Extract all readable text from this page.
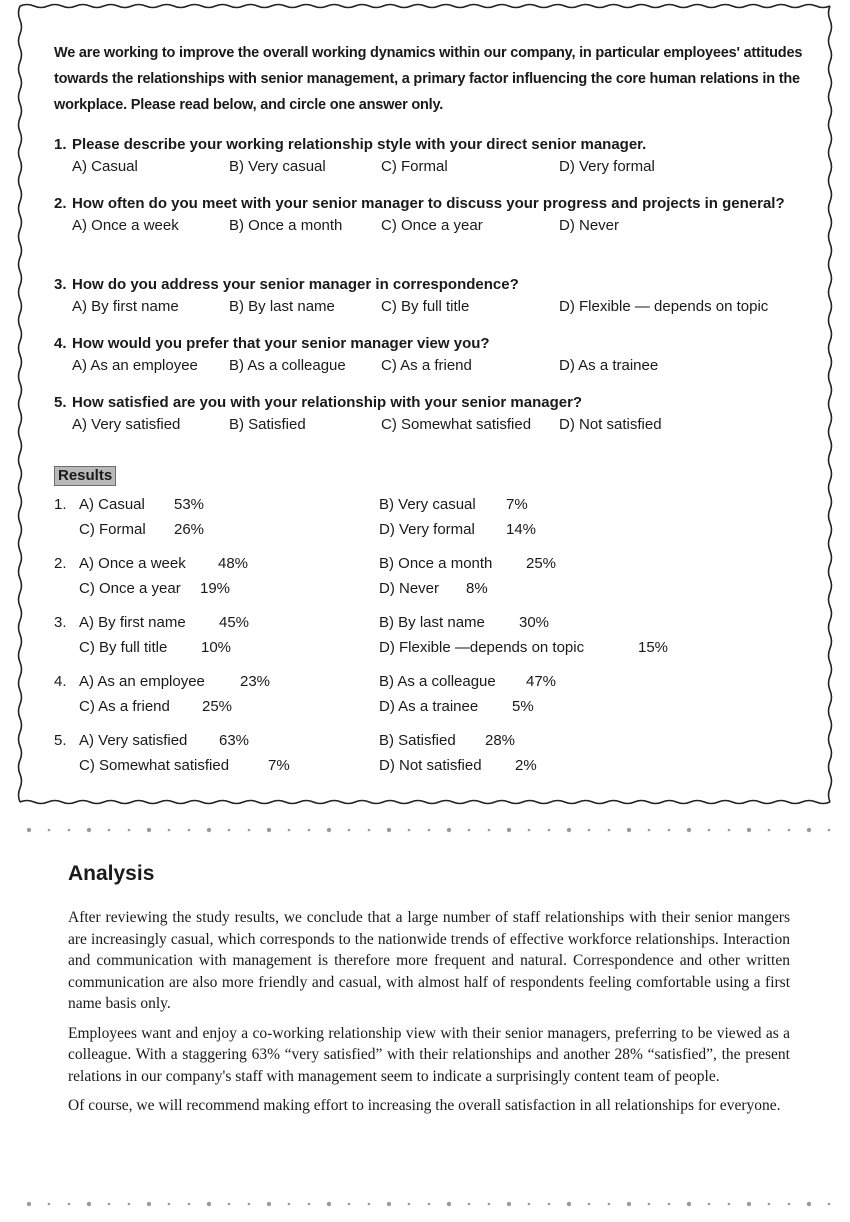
We are working to improve the overall working dynamics within our company, in particular employees' attitudes towards the relationships with senior management, a primary factor influencing the core human relations in the workplace. Please read below, and circle one answer only.

1. Please describe your working relationship style with your direct senior manager.

A) Casual	B) Very casual	C) Formal	D) Very formal

2. How often do you meet with your senior manager to discuss your progress and projects in general?

A) Once a week	B) Once a month	C) Once a year	D) Never

3. How do you address your senior manager in correspondence?

A) By first name	B) By last name	C) By full title	D) Flexible — depends on topic

4. How would you prefer that your senior manager view you?

A) As an employee B) As a colleague C) As a friend	D) As a trainee

5. How satisfied are you with your relationship with your senior manager?

A) Very satisfied	B) Satisfied	C) Somewhat satisfied D) Not satisfied
Results
1. A) Casual 53%	B) Very casual 7%
C) Formal 26%	D) Very formal 14%
2. A) Once a week 48%	B) Once a month 25%
C) Once a year 19%	D) Never 8%
3. A) By first name 45%	B) By last name 30%
C) By full title 10%	D) Flexible —depends on topic	15%
4. A) As an employee 23%	B) As a colleague 47%
C) As a friend 25%	D) As a trainee 5%
5. A) Very satisfied 63%	B) Satisfied 28%
C) Somewhat satisfied	7%	D) Not satisfied 2%
Analysis

After reviewing the study results, we conclude that a large number of staff relationships with their senior mangers are increasingly casual, which corresponds to the nationwide trends of effective workforce relationships. Interaction and communication with management is therefore more frequent and natural. Correspondence and other written communication are also more friendly and casual, with almost half of respondents feeling comfortable using a first name basis only.

Employees want and enjoy a co-working relationship view with their senior managers, preferring to be viewed as a colleague. With a staggering 63% “very satisfied” with their relationships and another 28% “satisfied”, the present relations in our company's staff with management seem to indicate a surprisingly content team of people.

Of course, we will recommend making effort to increasing the overall satisfaction in all relationships for everyone.
